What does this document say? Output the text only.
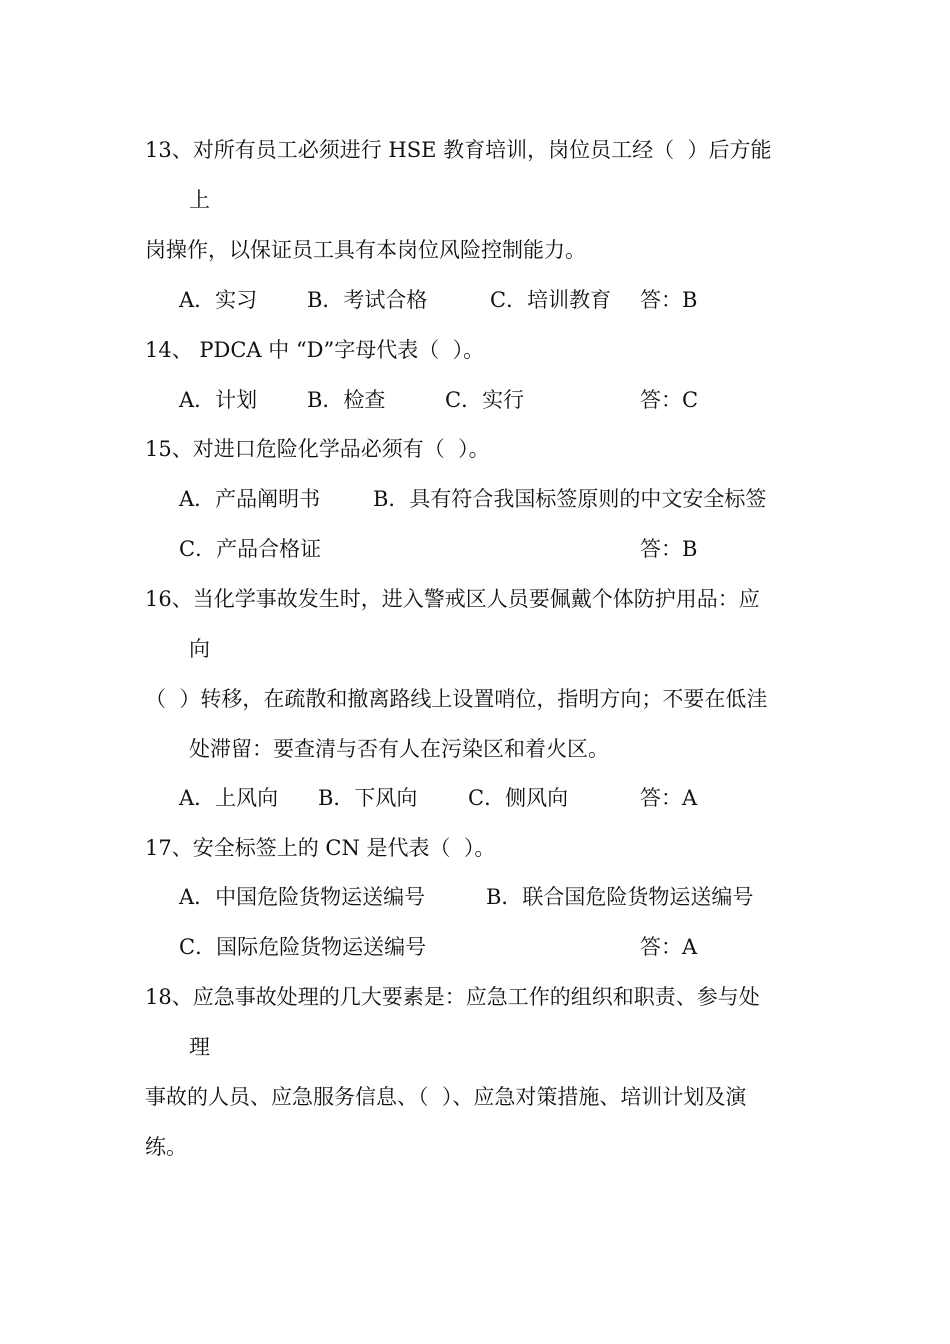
13、对所有员工必须进行 HSE 教育培训，岗位员工经（  ）后方能
上
岗操作，以保证员工具有本岗位风险控制能力。
A．实习 B．考试合格	C．培训教育 答：B
14、 PDCA 中 “D”字母代表（  ）。
A．计划 B．检查	C．实行	答：C
15、对进口危险化学品必须有（  ）。
A．产品阐明书	B．具有符合我国标签原则的中文安全标签
C．产品合格证	答：B
16、当化学事故发生时，进入警戒区人员要佩戴个体防护用品：应
向
（  ）转移，在疏散和撤离路线上设置哨位，指明方向；不要在低洼
处滞留：要查清与否有人在污染区和着火区。
A．上风向 B．下风向 C．侧风向	答：A
17、安全标签上的 CN 是代表（  ）。
A．中国危险货物运送编号	B．联合国危险货物运送编号
C．国际危险货物运送编号	答：A
18、应急事故处理的几大要素是：应急工作的组织和职责、参与处
理
事故的人员、应急服务信息、（  ）、应急对策措施、培训计划及演
练。
